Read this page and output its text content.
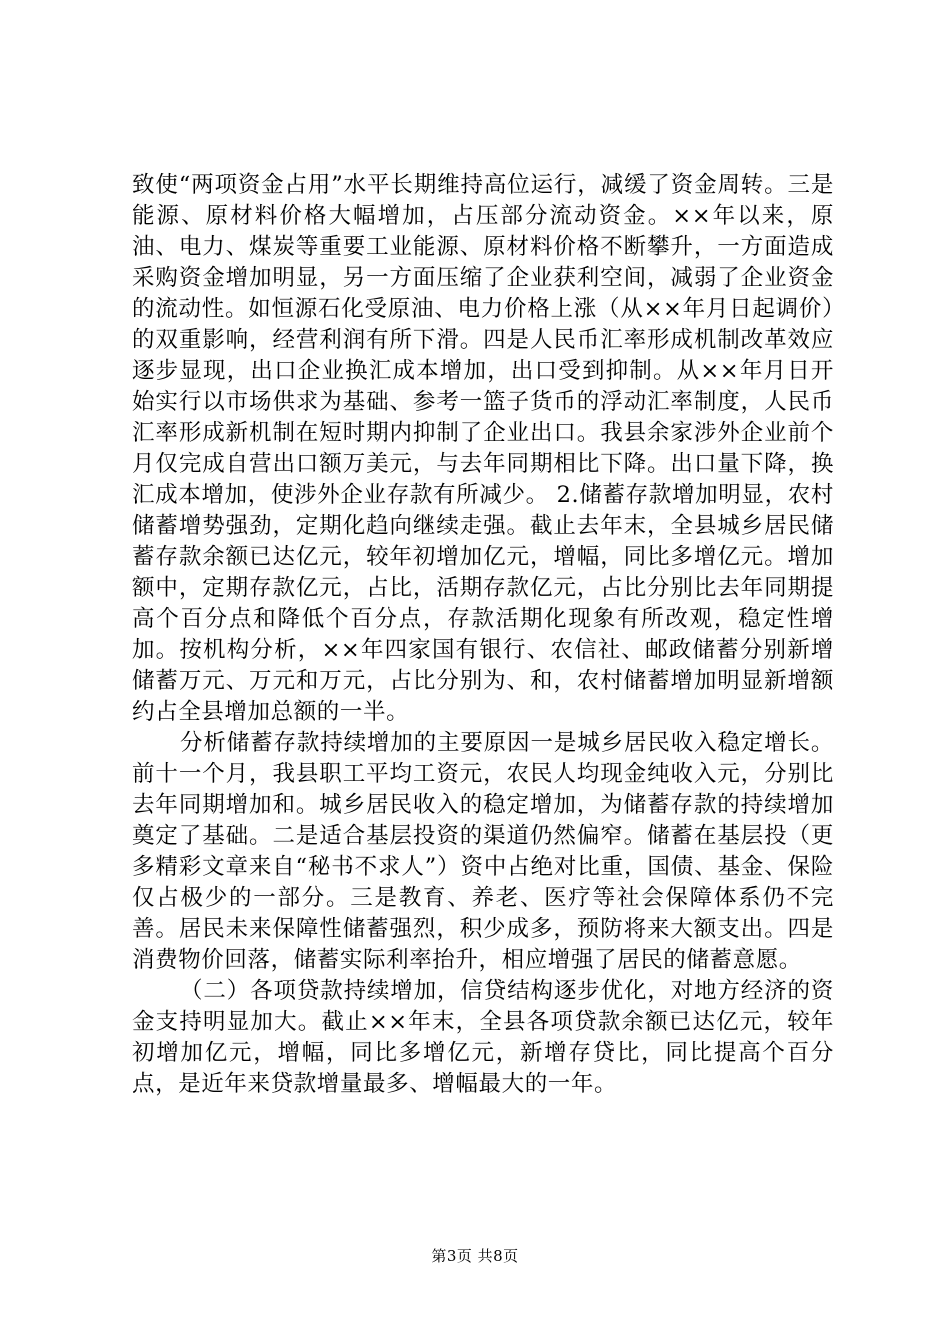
致使“两项资金占用”水平长期维持高位运行，减缓了资金周转。三是能源、原材料价格大幅增加，占压部分流动资金。××年以来，原油、电力、煤炭等重要工业能源、原材料价格不断攀升，一方面造成采购资金增加明显，另一方面压缩了企业获利空间，减弱了企业资金的流动性。如恒源石化受原油、电力价格上涨（从××年月日起调价）的双重影响，经营利润有所下滑。四是人民币汇率形成机制改革效应逐步显现，出口企业换汇成本增加，出口受到抑制。从××年月日开始实行以市场供求为基础、参考一篮子货币的浮动汇率制度，人民币汇率形成新机制在短时期内抑制了企业出口。我县余家涉外企业前个月仅完成自营出口额万美元，与去年同期相比下降。出口量下降，换汇成本增加，使涉外企业存款有所减少。 2.储蓄存款增加明显，农村储蓄增势强劲，定期化趋向继续走强。截止去年末，全县城乡居民储蓄存款余额已达亿元，较年初增加亿元，增幅，同比多增亿元。增加额中，定期存款亿元，占比，活期存款亿元，占比分别比去年同期提高个百分点和降低个百分点，存款活期化现象有所改观，稳定性增加。按机构分析，××年四家国有银行、农信社、邮政储蓄分别新增储蓄万元、万元和万元，占比分别为、和，农村储蓄增加明显新增额约占全县增加总额的一半。

分析储蓄存款持续增加的主要原因一是城乡居民收入稳定增长。前十一个月，我县职工平均工资元，农民人均现金纯收入元，分别比去年同期增加和。城乡居民收入的稳定增加，为储蓄存款的持续增加奠定了基础。二是适合基层投资的渠道仍然偏窄。储蓄在基层投（更多精彩文章来自“秘书不求人”）资中占绝对比重，国债、基金、保险仅占极少的一部分。三是教育、养老、医疗等社会保障体系仍不完善。居民未来保障性储蓄强烈，积少成多，预防将来大额支出。四是消费物价回落，储蓄实际利率抬升，相应增强了居民的储蓄意愿。

（二）各项贷款持续增加，信贷结构逐步优化，对地方经济的资金支持明显加大。截止××年末，全县各项贷款余额已达亿元，较年初增加亿元，增幅，同比多增亿元，新增存贷比，同比提高个百分点，是近年来贷款增量最多、增幅最大的一年。

第3页 共8页
